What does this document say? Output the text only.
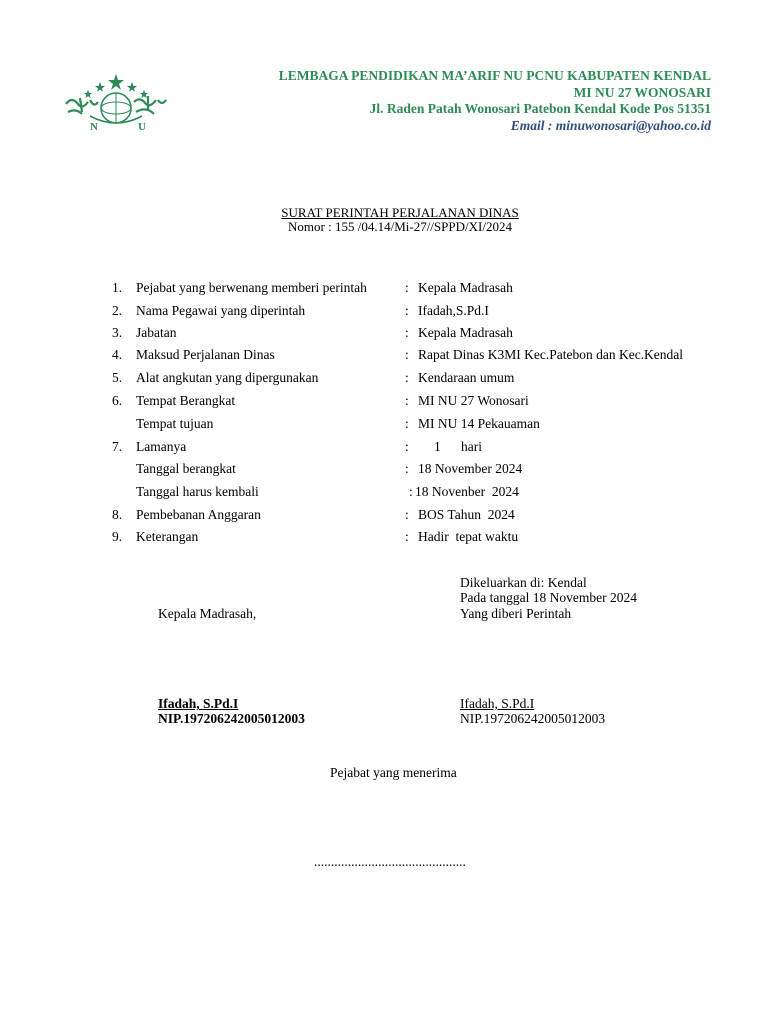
N	U
LEMBAGA PENDIDIKAN MA’ARIF NU PCNU KABUPATEN KENDAL
MI NU 27 WONOSARI
Jl. Raden Patah Wonosari Patebon Kendal Kode Pos 51351
Email : minuwonosari@yahoo.co.id
SURAT PERINTAH PERJALANAN DINAS
Nomor : 155 /04.14/Mi-27//SPPD/XI/2024
1.	Pejabat yang berwenang memberi perintah	: Kepala Madrasah
2.	Nama Pegawai yang diperintah	: Ifadah,S.Pd.I
3.	Jabatan	: Kepala Madrasah
4.	Maksud Perjalanan Dinas	: Rapat Dinas K3MI Kec.Patebon dan Kec.Kendal
5.	Alat angkutan yang dipergunakan	: Kendaraan umum
6.	Tempat Berangkat	: MI NU 27 Wonosari
Tempat tujuan	: MI NU 14 Pekauaman
7.	Lamanya	: 1      hari
Tanggal berangkat	: 18 November 2024
Tanggal harus kembali	: 18 Novenber  2024
8.	Pembebanan Anggaran	: BOS Tahun  2024
9.	Keterangan	: Hadir  tepat waktu
Dikeluarkan di: Kendal
Pada tanggal 18 November 2024
Yang diberi Perintah
Kepala Madrasah,
Ifadah, S.Pd.I
NIP.197206242005012003
Ifadah, S.Pd.I
NIP.197206242005012003
Pejabat yang menerima
.............................................
